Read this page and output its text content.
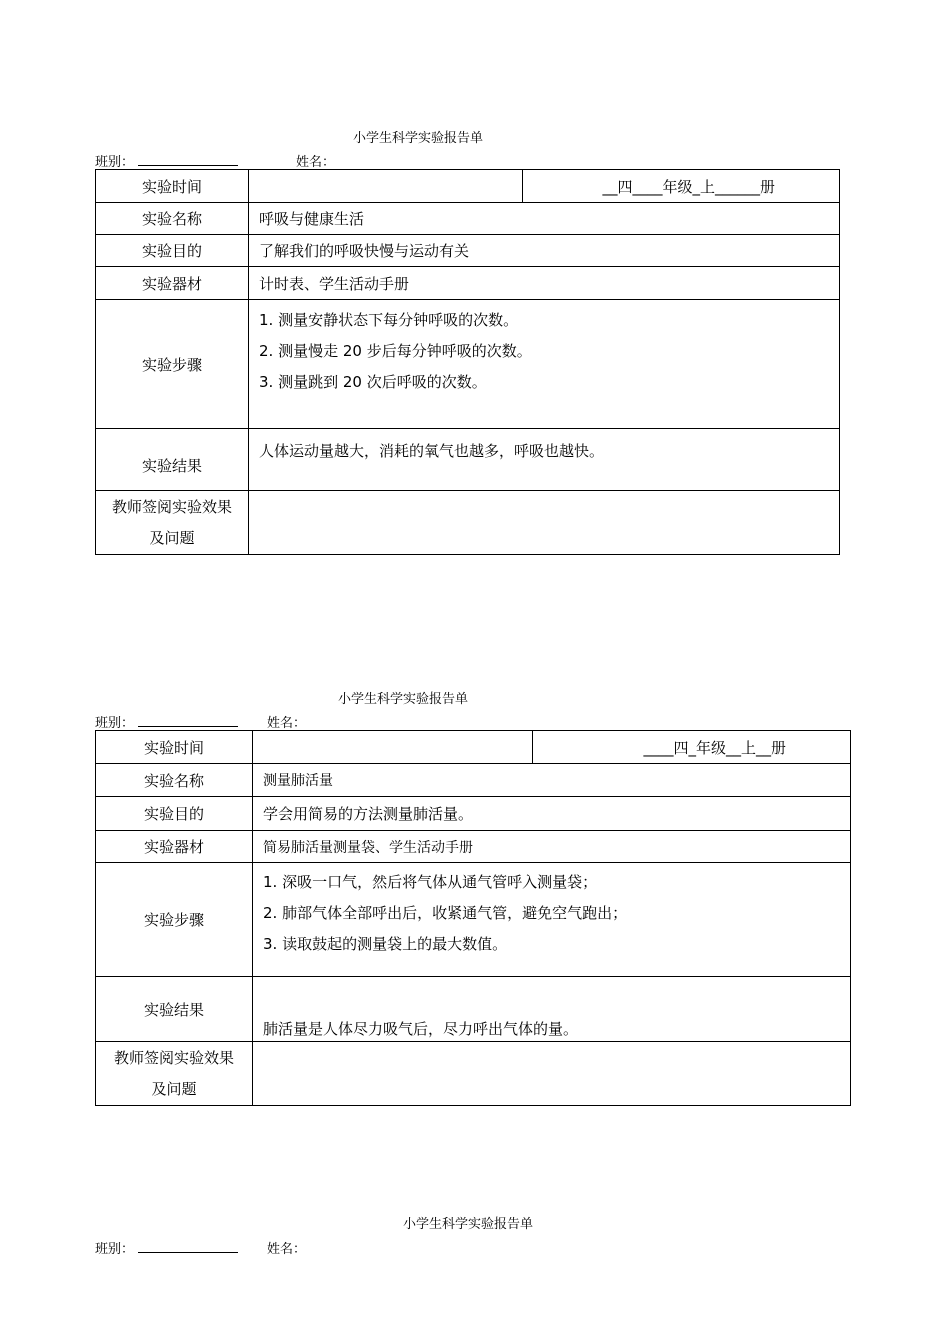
小学生科学实验报告单
班别：	姓名：
实验时间		__四____年级_上______册
实验名称	呼吸与健康生活	
实验目的	了解我们的呼吸快慢与运动有关	
实验器材	计时表、学生活动手册	
实验步骤	1. 测量安静状态下每分钟呼吸的次数。
2. 测量慢走 20 步后每分钟呼吸的次数。
3. 测量跳到 20 次后呼吸的次数。	

实验结果	人体运动量越大，消耗的氧气也越多，呼吸也越快。	
教师签阅实验效果
及问题		
小学生科学实验报告单
班别：	姓名：
实验时间		____四_年级__上__册
实验名称	测量肺活量	
实验目的	学会用简易的方法测量肺活量。	
实验器材	简易肺活量测量袋、学生活动手册	
实验步骤	1. 深吸一口气，然后将气体从通气管呼入测量袋；
2. 肺部气体全部呼出后，收紧通气管，避免空气跑出；
3. 读取鼓起的测量袋上的最大数值。	

实验结果	肺活量是人体尽力吸气后，尽力呼出气体的量。	
教师签阅实验效果
及问题		
小学生科学实验报告单
班别：	姓名：
